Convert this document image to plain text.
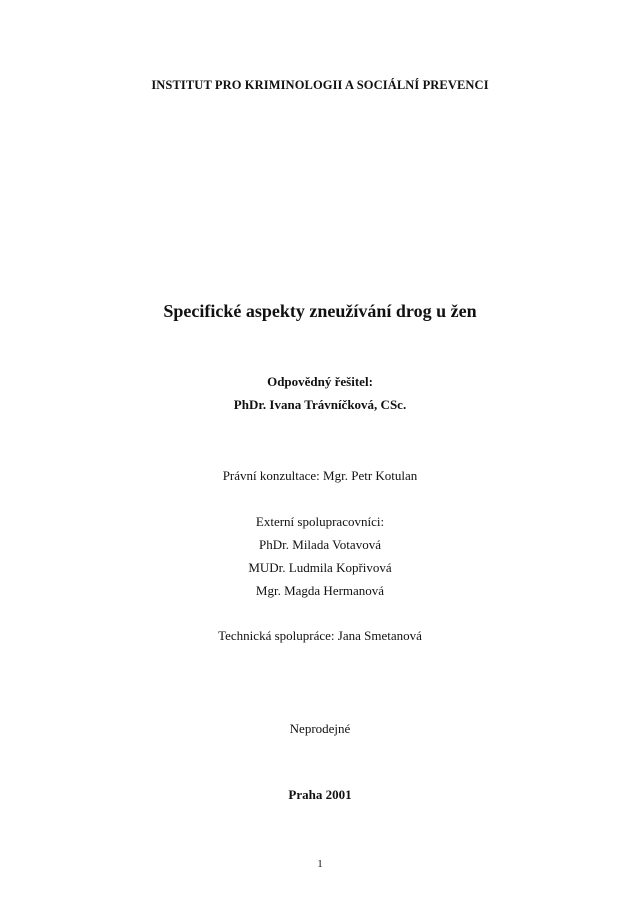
INSTITUT PRO KRIMINOLOGII A SOCIÁLNÍ PREVENCI
Specifické aspekty zneužívání drog u žen
Odpovědný řešitel:
PhDr. Ivana Trávníčková, CSc.
Právní konzultace: Mgr. Petr Kotulan
Externí spolupracovníci:
PhDr. Milada Votavová
MUDr. Ludmila Kopřivová
Mgr. Magda Hermanová
Technická spolupráce: Jana Smetanová
Neprodejné
Praha 2001
1
